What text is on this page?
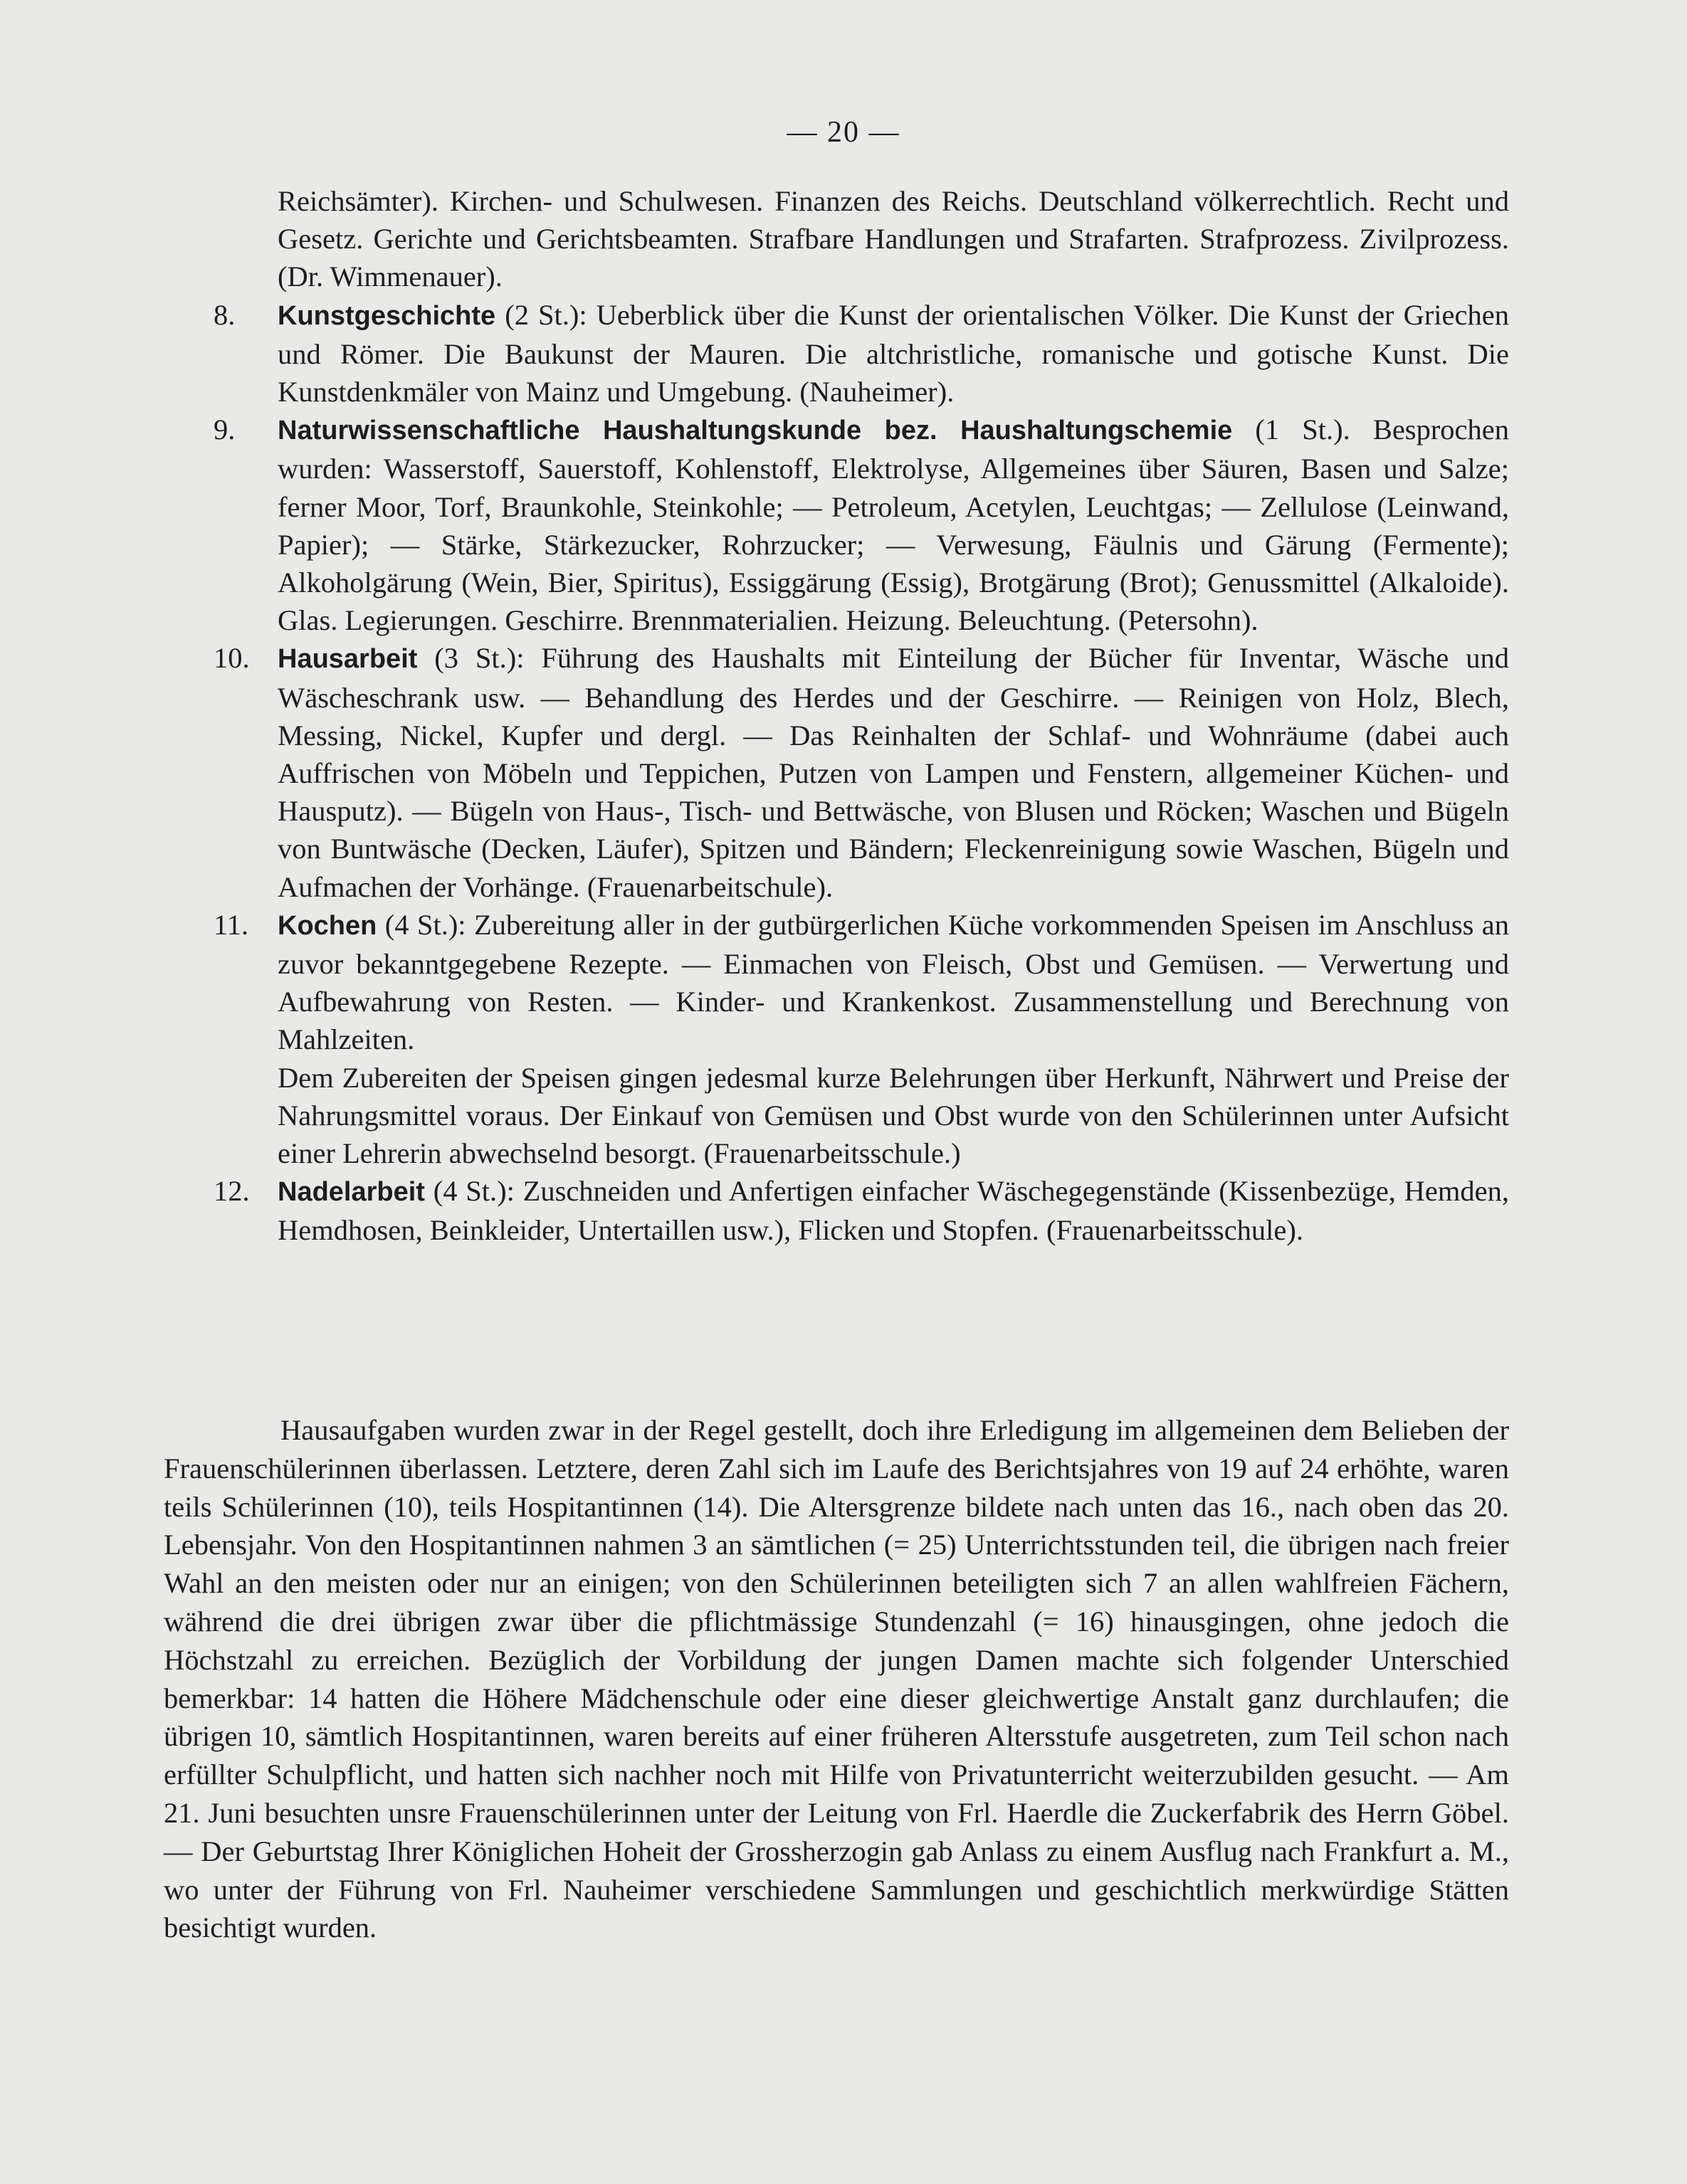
— 20 —
Reichsämter). Kirchen- und Schulwesen. Finanzen des Reichs. Deutschland völkerrechtlich. Recht und Gesetz. Gerichte und Gerichtsbeamten. Strafbare Handlungen und Strafarten. Strafprozess. Zivilprozess. (Dr. Wimmenauer).
8.	Kunstgeschichte (2 St.): Ueberblick über die Kunst der orientalischen Völker. Die Kunst der Griechen und Römer. Die Baukunst der Mauren. Die altchristliche, romanische und gotische Kunst. Die Kunstdenkmäler von Mainz und Umgebung. (Nauheimer).
9.	Naturwissenschaftliche Haushaltungskunde bez. Haushaltungschemie (1 St.). Besprochen wurden: Wasserstoff, Sauerstoff, Kohlenstoff, Elektrolyse, Allgemeines über Säuren, Basen und Salze; ferner Moor, Torf, Braunkohle, Steinkohle; — Petroleum, Acetylen, Leuchtgas; — Zellulose (Leinwand, Papier); — Stärke, Stärkezucker, Rohrzucker; — Verwesung, Fäulnis und Gärung (Fermente); Alkoholgärung (Wein, Bier, Spiritus), Essiggärung (Essig), Brotgärung (Brot); Genussmittel (Alkaloide). Glas. Legierungen. Geschirre. Brennmaterialien. Heizung. Beleuchtung. (Petersohn).
10.	Hausarbeit (3 St.): Führung des Haushalts mit Einteilung der Bücher für Inventar, Wäsche und Wäscheschrank usw. — Behandlung des Herdes und der Geschirre. — Reinigen von Holz, Blech, Messing, Nickel, Kupfer und dergl. — Das Reinhalten der Schlaf- und Wohnräume (dabei auch Auffrischen von Möbeln und Teppichen, Putzen von Lampen und Fenstern, allgemeiner Küchen- und Hausputz). — Bügeln von Haus-, Tisch- und Bettwäsche, von Blusen und Röcken; Waschen und Bügeln von Buntwäsche (Decken, Läufer), Spitzen und Bändern; Fleckenreinigung sowie Waschen, Bügeln und Aufmachen der Vorhänge. (Frauenarbeitschule).
11.	Kochen (4 St.): Zubereitung aller in der gutbürgerlichen Küche vorkommenden Speisen im Anschluss an zuvor bekanntgegebene Rezepte. — Einmachen von Fleisch, Obst und Gemüsen. — Verwertung und Aufbewahrung von Resten. — Kinder- und Krankenkost. Zusammenstellung und Berechnung von Mahlzeiten.
Dem Zubereiten der Speisen gingen jedesmal kurze Belehrungen über Herkunft, Nährwert und Preise der Nahrungsmittel voraus. Der Einkauf von Gemüsen und Obst wurde von den Schülerinnen unter Aufsicht einer Lehrerin abwechselnd besorgt. (Frauenarbeitsschule.)
12.	Nadelarbeit (4 St.): Zuschneiden und Anfertigen einfacher Wäschegegenstände (Kissenbezüge, Hemden, Hemdhosen, Beinkleider, Untertaillen usw.), Flicken und Stopfen. (Frauenarbeitsschule).
Hausaufgaben wurden zwar in der Regel gestellt, doch ihre Erledigung im allgemeinen dem Belieben der Frauenschülerinnen überlassen. Letztere, deren Zahl sich im Laufe des Berichtsjahres von 19 auf 24 erhöhte, waren teils Schülerinnen (10), teils Hospitantinnen (14). Die Altersgrenze bildete nach unten das 16., nach oben das 20. Lebensjahr. Von den Hospitantinnen nahmen 3 an sämtlichen (= 25) Unterrichtsstunden teil, die übrigen nach freier Wahl an den meisten oder nur an einigen; von den Schülerinnen beteiligten sich 7 an allen wahlfreien Fächern, während die drei übrigen zwar über die pflichtmässige Stundenzahl (= 16) hinausgingen, ohne jedoch die Höchstzahl zu erreichen. Bezüglich der Vorbildung der jungen Damen machte sich folgender Unterschied bemerkbar: 14 hatten die Höhere Mädchenschule oder eine dieser gleichwertige Anstalt ganz durchlaufen; die übrigen 10, sämtlich Hospitantinnen, waren bereits auf einer früheren Altersstufe ausgetreten, zum Teil schon nach erfüllter Schulpflicht, und hatten sich nachher noch mit Hilfe von Privatunterricht weiterzubilden gesucht. — Am 21. Juni besuchten unsre Frauenschülerinnen unter der Leitung von Frl. Haerdle die Zuckerfabrik des Herrn Göbel. — Der Geburtstag Ihrer Königlichen Hoheit der Grossherzogin gab Anlass zu einem Ausflug nach Frankfurt a. M., wo unter der Führung von Frl. Nauheimer verschiedene Sammlungen und geschichtlich merkwürdige Stätten besichtigt wurden.
